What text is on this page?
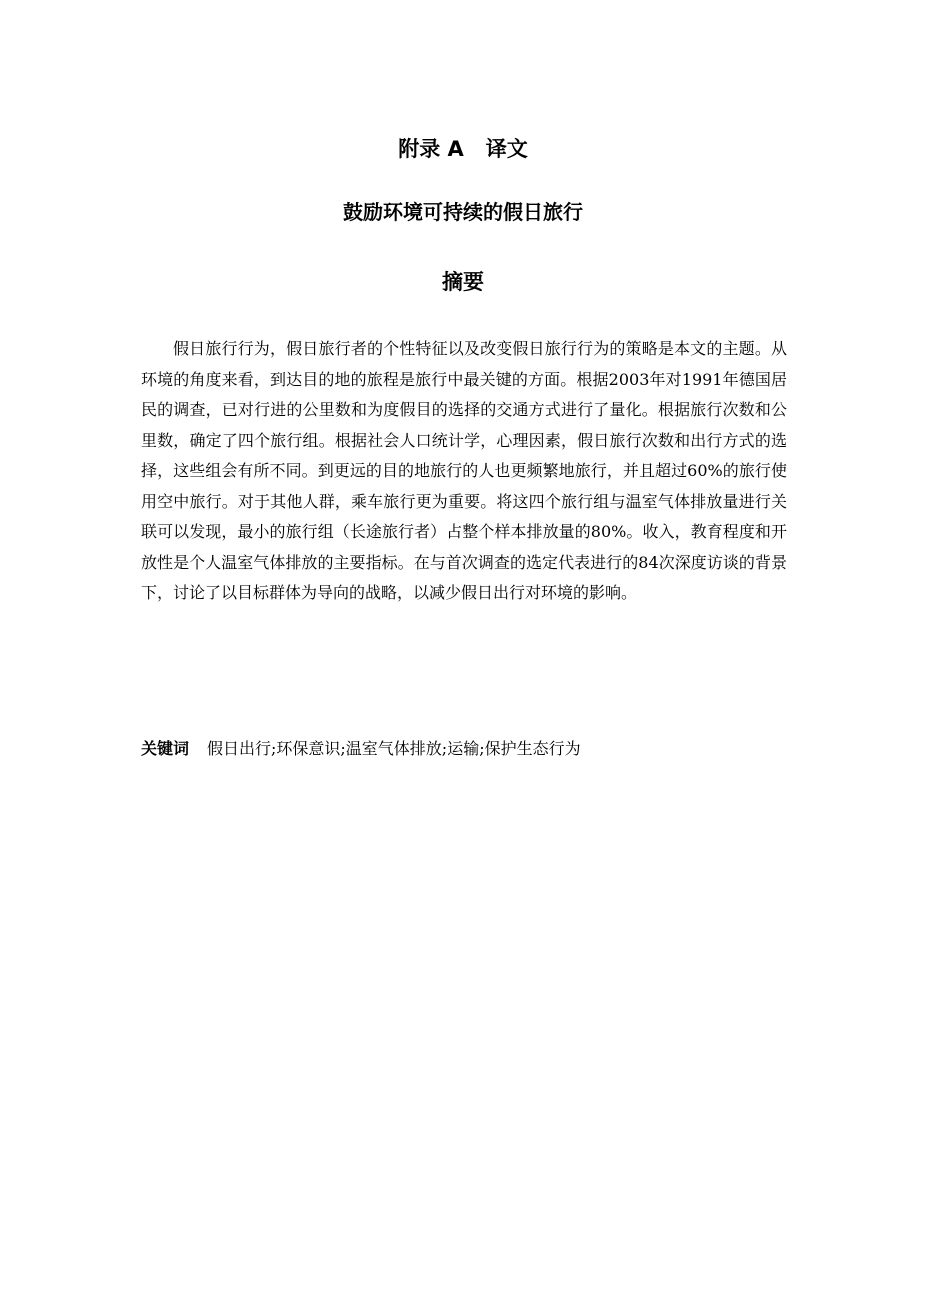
附录 A   译文
鼓励环境可持续的假日旅行
摘要

假日旅行行为，假日旅行者的个性特征以及改变假日旅行行为的策略是本文的主题。从环境的角度来看，到达目的地的旅程是旅行中最关键的方面。根据2003年对1991年德国居民的调查，已对行进的公里数和为度假目的选择的交通方式进行了量化。根据旅行次数和公里数，确定了四个旅行组。根据社会人口统计学，心理因素，假日旅行次数和出行方式的选择，这些组会有所不同。到更远的目的地旅行的人也更频繁地旅行，并且超过60%的旅行使用空中旅行。对于其他人群，乘车旅行更为重要。将这四个旅行组与温室气体排放量进行关联可以发现，最小的旅行组（长途旅行者）占整个样本排放量的80%。收入，教育程度和开放性是个人温室气体排放的主要指标。在与首次调查的选定代表进行的84次深度访谈的背景下，讨论了以目标群体为导向的战略，以减少假日出行对环境的影响。

关键词 假日出行;环保意识;温室气体排放;运输;保护生态行为
